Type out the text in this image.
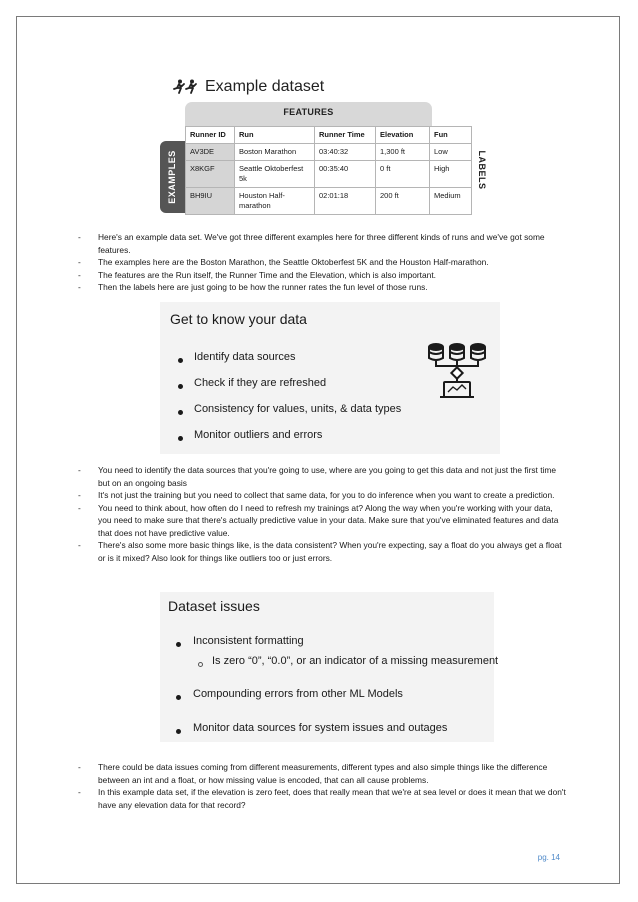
Example dataset
FEATURES
EXAMPLES	LABELS
Runner ID	Run	Runner Time	Elevation	Fun
AV3DE	Boston Marathon	03:40:32	1,300 ft	Low
X8KGF	Seattle Oktoberfest 5k	00:35:40	0 ft	High
BH9IU	Houston Half-marathon	02:01:18	200 ft	Medium
- Here's an example data set. We've got three different examples here for three different kinds of runs and we've got some features.
- The examples here are the Boston Marathon, the Seattle Oktoberfest 5K and the Houston Half-marathon.
- The features are the Run itself, the Runner Time and the Elevation, which is also important.
- Then the labels here are just going to be how the runner rates the fun level of those runs.
Get to know your data
Identify data sources
Check if they are refreshed
Consistency for values, units, & data types
Monitor outliers and errors
- You need to identify the data sources that you're going to use, where are you going to get this data and not just the first time but on an ongoing basis
- It's not just the training but you need to collect that same data, for you to do inference when you want to create a prediction.
- You need to think about, how often do I need to refresh my trainings at? Along the way when you're working with your data, you need to make sure that there's actually predictive value in your data. Make sure that you've eliminated features and data that does not have predictive value.
- There's also some more basic things like, is the data consistent? When you're expecting, say a float do you always get a float or is it mixed? Also look for things like outliers too or just errors.
Dataset issues
Inconsistent formatting
Is zero “0”, “0.0”, or an indicator of a missing measurement
Compounding errors from other ML Models
Monitor data sources for system issues and outages
- There could be data issues coming from different measurements, different types and also simple things like the difference between an int and a float, or how missing value is encoded, that can all cause problems.
- In this example data set, if the elevation is zero feet, does that really mean that we're at sea level or does it mean that we don't have any elevation data for that record?
pg. 14
